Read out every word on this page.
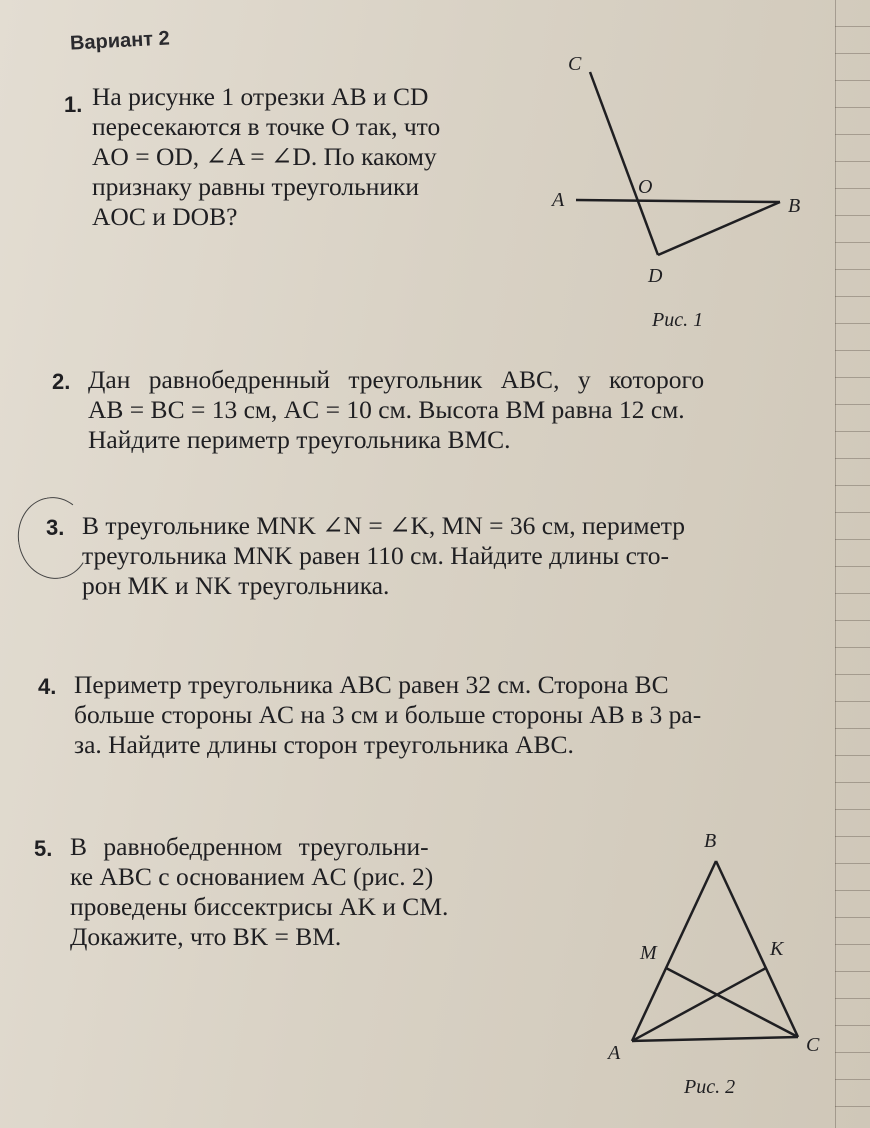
Вариант 2
1. На рисунке 1 отрезки AB и CD
пересекаются в точке O так, что
AO = OD, ∠A = ∠D. По какому
признаку равны треугольники
AOC и DOB?
C
A
O
B
D
Рис. 1
2. Дан равнобедренный треугольник ABC, у которого
AB = BC = 13 см, AC = 10 см. Высота BM равна 12 см.
Найдите периметр треугольника BMC.
3. В треугольнике MNK ∠N = ∠K, MN = 36 см, периметр
треугольника MNK равен 110 см. Найдите длины сто-
рон MK и NK треугольника.
4. Периметр треугольника ABC равен 32 см. Сторона BC
больше стороны AC на 3 см и больше стороны AB в 3 ра-
за. Найдите длины сторон треугольника ABC.
5. В равнобедренном треугольни-
ке ABC с основанием AC (рис. 2)
проведены биссектрисы AK и CM.
Докажите, что BK = BM.
B
M	K
A	C
Рис. 2
